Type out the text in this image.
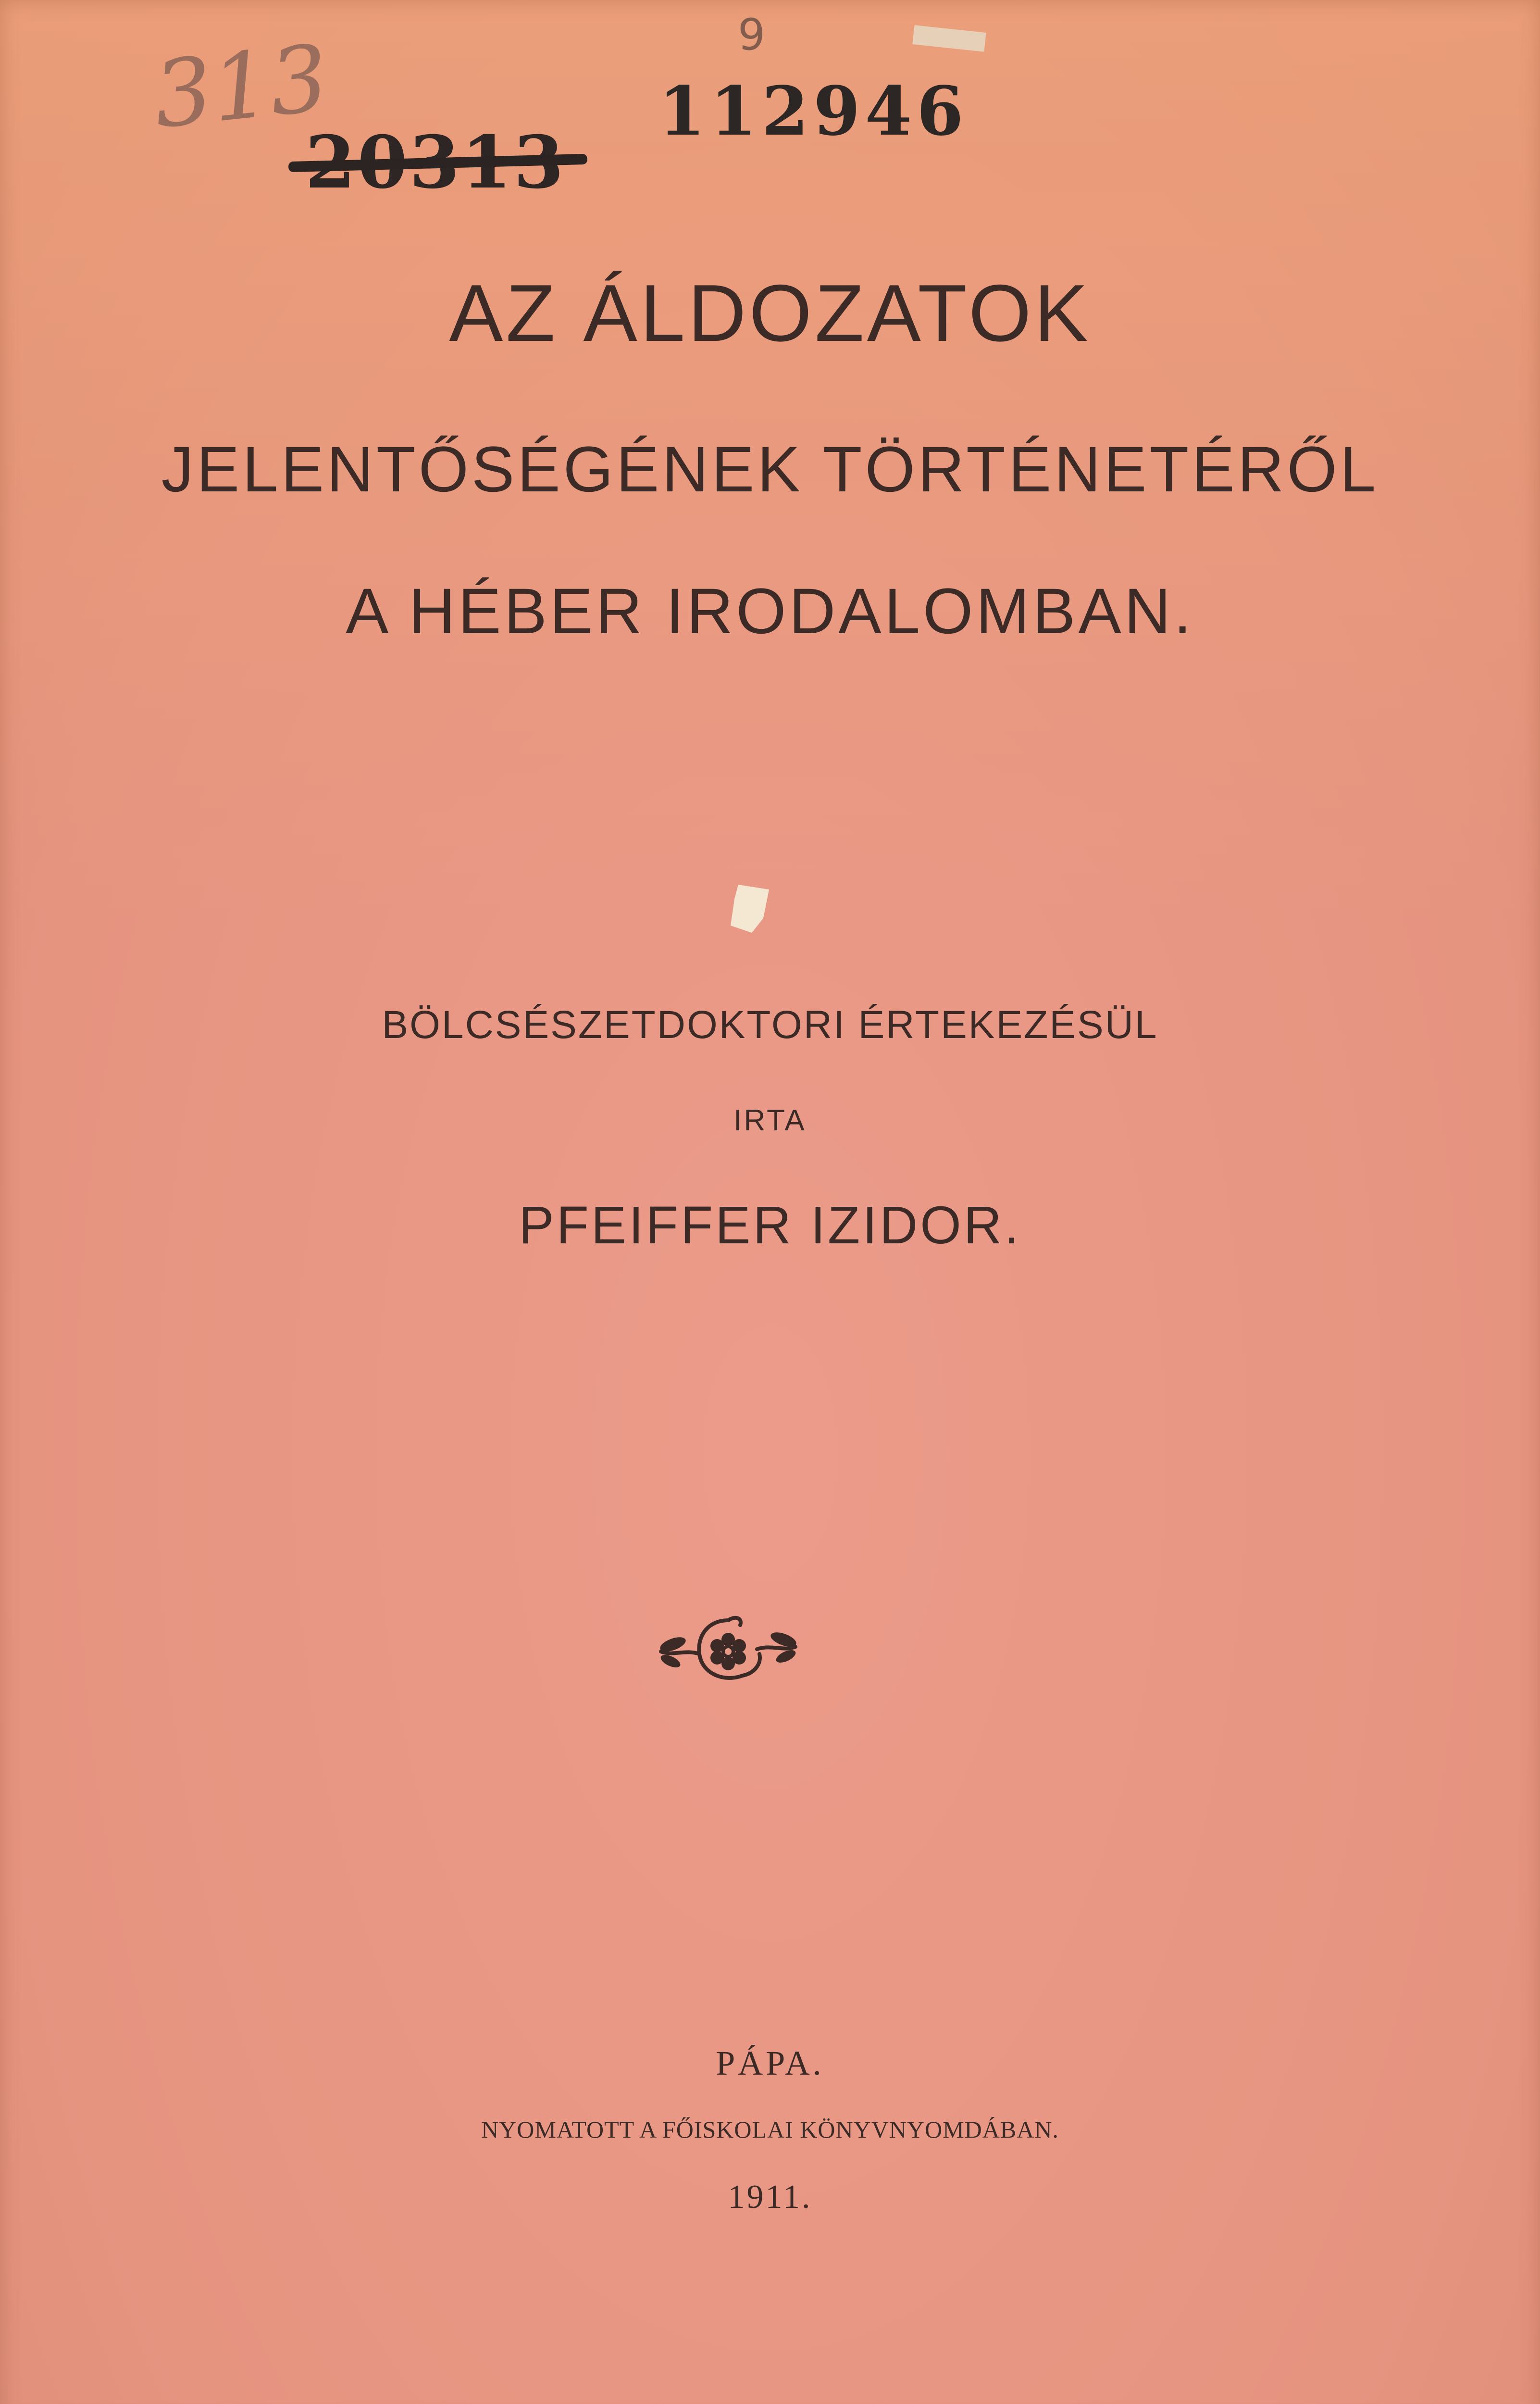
313
20313
9
112946
AZ ÁLDOZATOK
JELENTŐSÉGÉNEK TÖRTÉNETÉRŐL
A HÉBER IRODALOMBAN.
BÖLCSÉSZETDOKTORI ÉRTEKEZÉSÜL
IRTA
PFEIFFER IZIDOR.
PÁPA.
NYOMATOTT A FŐISKOLAI KÖNYVNYOMDÁBAN.
1911.
